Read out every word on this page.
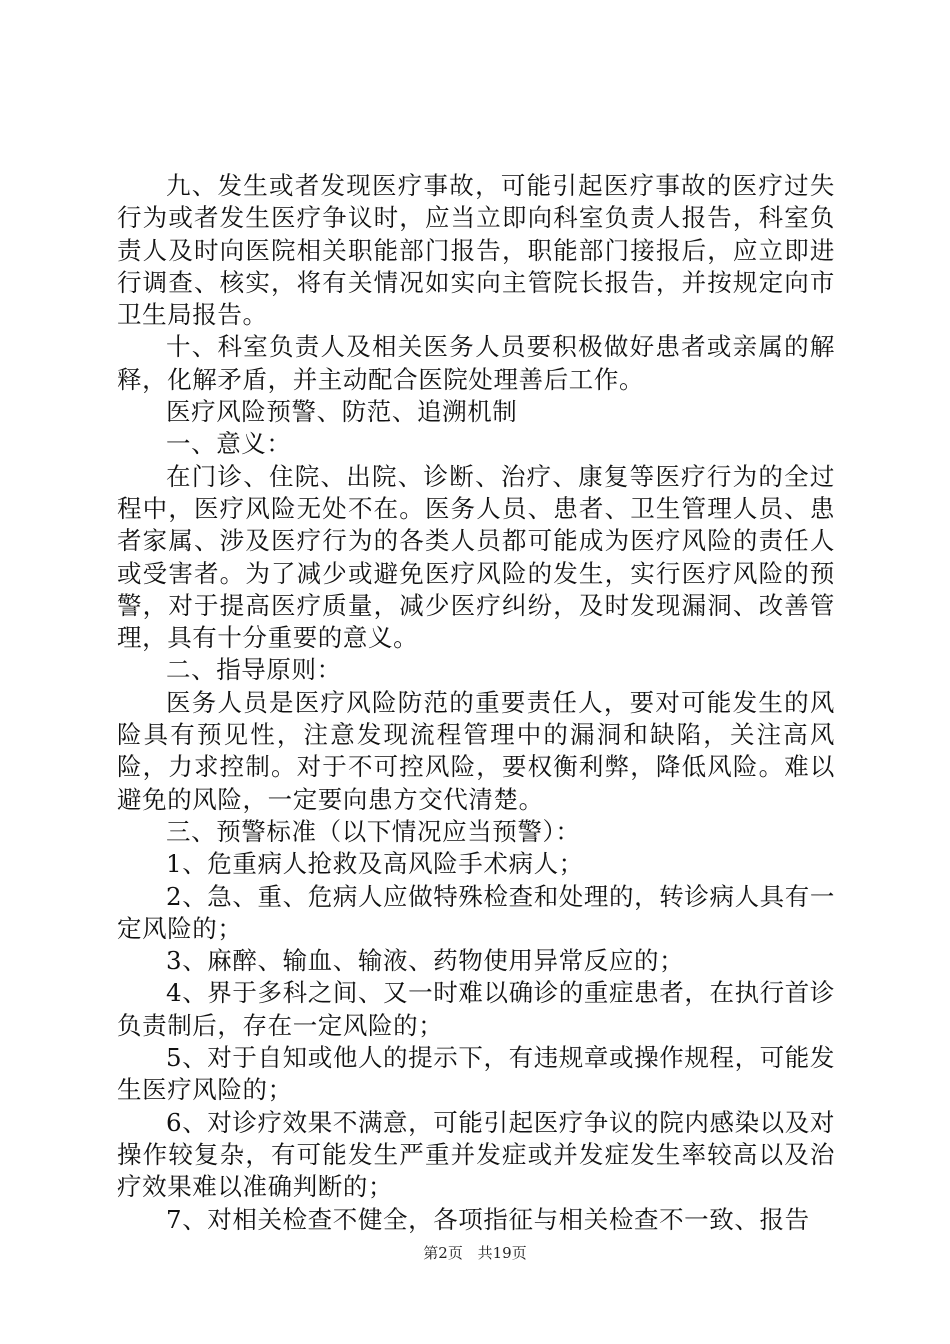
九、发生或者发现医疗事故，可能引起医疗事故的医疗过失行为或者发生医疗争议时，应当立即向科室负责人报告，科室负责人及时向医院相关职能部门报告，职能部门接报后，应立即进行调查、核实，将有关情况如实向主管院长报告，并按规定向市卫生局报告。

十、科室负责人及相关医务人员要积极做好患者或亲属的解释，化解矛盾，并主动配合医院处理善后工作。

医疗风险预警、防范、追溯机制

一、意义：

在门诊、住院、出院、诊断、治疗、康复等医疗行为的全过程中，医疗风险无处不在。医务人员、患者、卫生管理人员、患者家属、涉及医疗行为的各类人员都可能成为医疗风险的责任人或受害者。为了减少或避免医疗风险的发生，实行医疗风险的预警，对于提高医疗质量，减少医疗纠纷，及时发现漏洞、改善管理，具有十分重要的意义。

二、指导原则：

医务人员是医疗风险防范的重要责任人，要对可能发生的风险具有预见性，注意发现流程管理中的漏洞和缺陷，关注高风险，力求控制。对于不可控风险，要权衡利弊，降低风险。难以避免的风险，一定要向患方交代清楚。

三、预警标准（以下情况应当预警）：

1、危重病人抢救及高风险手术病人；

2、急、重、危病人应做特殊检查和处理的，转诊病人具有一定风险的；

3、麻醉、输血、输液、药物使用异常反应的；

4、界于多科之间、又一时难以确诊的重症患者，在执行首诊负责制后，存在一定风险的；

5、对于自知或他人的提示下，有违规章或操作规程，可能发生医疗风险的；

6、对诊疗效果不满意，可能引起医疗争议的院内感染以及对操作较复杂，有可能发生严重并发症或并发症发生率较高以及治疗效果难以准确判断的；

7、对相关检查不健全，各项指征与相关检查不一致、报告

第2页 共19页
